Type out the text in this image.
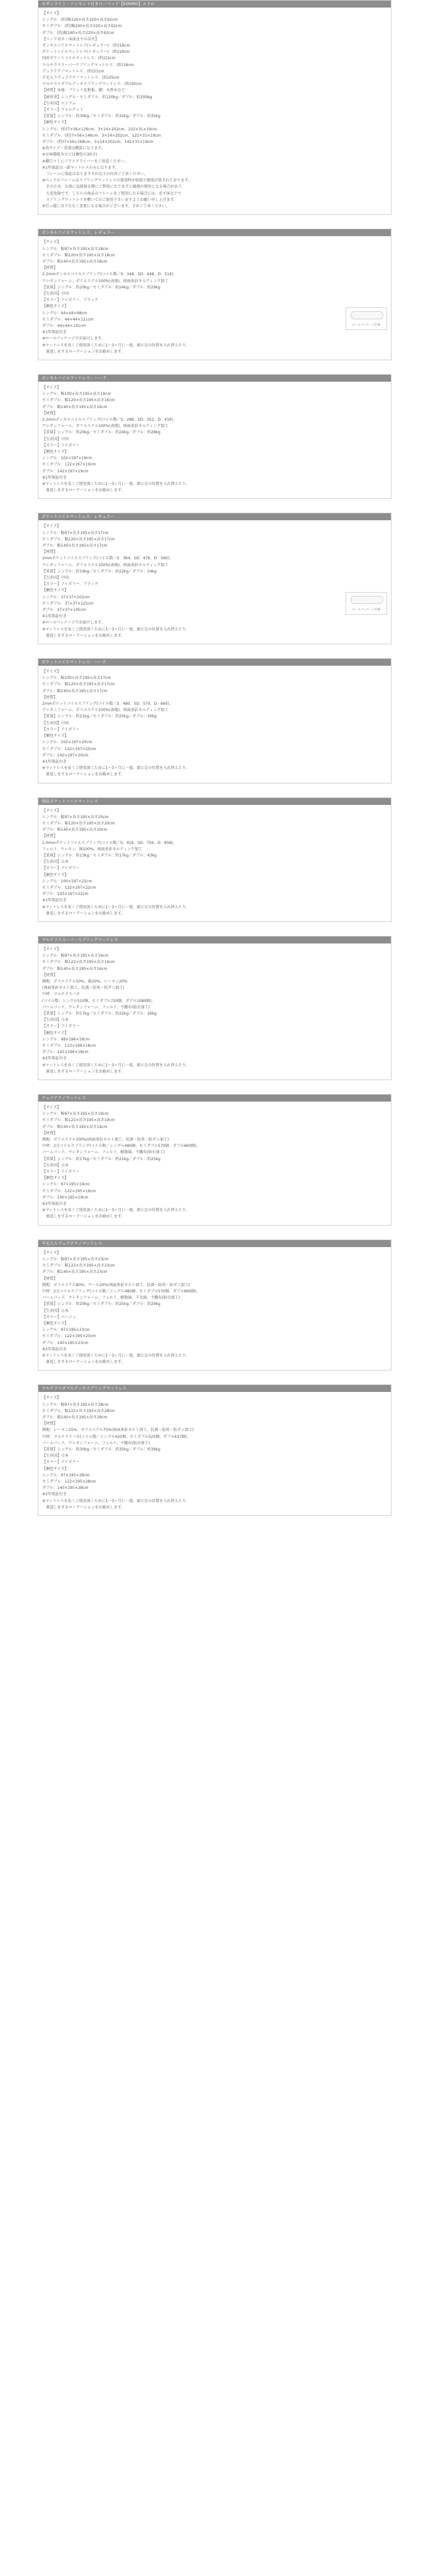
モダンライト・コンセント付きローベッド【EDDRO】エドロ
【サイズ】
シングル：(約)幅120×長さ220×高さ62cm
セミダブル：(約)幅140×長さ220×高さ62cm
ダブル：(約)幅160×長さ220×高さ62cm
【ベッド高さ・床面までの高さ】
ボンネルコイルマットレス(レギュラー)：(約)18cm
ポケットコイルマットレス(レギュラー)：(約)19cm
国産ポケットコイルマットレス：(約)22cm
マルチラススーパースプリングマットレス：(約)18cm
デュラテクノマットレス：(約)21cm
羊毛入りデュラテクノマットレス：(約)25cm
マルチラスダブルデッキスプリングマットレス：(約)30cm
【材質】本体：プリント化粧板、脚：天然木など
【耐荷重】シングル・セミダブル：約120kg／ダブル：約200kg
【生産国】ベトナム
【カラー】ウォルナット
【重量】シングル：約30kg／セミダブル：約32kg／ダブル：約35kg
【梱包サイズ】
シングル：(約)7×56×126cm、3×14×202cm、102×31×19cm
セミダブル：(約)7×56×146cm、3×14×202cm、122×31×19cm
ダブル：(約)7×56×168cm、3×14×202cm、142×31×19cm
※各サイズ・重量は概算になります。
※お客様組み立て(1梱包の30分)
※棚口コミにプラスドライバーをご用意ください。
※1年保証は一部マットレスのみとなります。
　フレームに保証はありますそれ以下の内容ご了承ください。
※ベッドのフレームはスプリングマットレスの使用時が前提で強度計算されております。
　そのため、お体に直接寝る際にご利用になりますと破損の原因となる場合があり、
　大変危険です。こちらの商品のフレームをご使用になる場合には、必ず床などで
　スプリングマットレスを敷いてのご使用下さいますようお願い申し上げます。
※引っ越しは予告なく変更になる場合がございます。予めご了承ください。
ボンネルコイルマットレス：レギュラー
【サイズ】
シングル：幅97×長さ195×高さ18cm
セミダブル：幅120×長さ195×高さ18cm
ダブル：幅140×長さ195×高さ18cm
【材質】
2.2mmボンネルコイルスプリング(コイル数／S：348、SD：448、D：514)、
ウレタンフォーム、ポリエステル100%(表地)、両面多針キルティング加工
【重量】シングル：約20kg／セミダブル：約24kg／ダブル：約29kg
【生産国】中国
【カラー】アイボリー、ブラック
【梱包サイズ】
シングル：44×44×98cm
セミダブル：44×44×121cm
ダブル：44×44×141cm
※1年保証付き
※ロールパッケージでお届けします。
※マットレスを長くご使用頂くために1〜3ヶ月に一度、頭と足の位置を入れ替えたり、
　裏返しをするローテーションをお勧めします。
ロールパッケージ仕様
ボンネルコイルマットレス：ハード
【サイズ】
シングル：幅100×長さ195×高さ16cm
セミダブル：幅120×長さ195×高さ16cm
ダブル：幅140×長さ195×高さ16cm
【材質】
2.2mmボンネルコイルスプリング(コイル数／S：288、SD：352、D：416)、
ウレタンフォーム、ポリエステル100%(表地)、両面多針キルティング加工
【重量】シングル：約20kg／セミダブル：約24kg／ダブル：約28kg
【生産国】中国
【カラー】アイボリー
【梱包サイズ】
シングル：102×197×19cm
セミダブル：122×197×19cm
ダブル：142×197×19cm
※1年保証付き
※マットレスを長くご使用頂くために1〜3ヶ月に一度、頭と足の位置を入れ替えたり、
　裏返しをするローテーションをお勧めします。
ポケットコイルマットレス：レギュラー
【サイズ】
シングル：幅97×長さ195×高さ17cm
セミダブル：幅120×長さ195×高さ17cm
ダブル：幅140×長さ195×高さ17cm
【材質】
2mmポケットコイルスプリング(コイル数／S：364、SD：476、D：560)、
ウレタンフォーム、ポリエステル100%(表地)、両面多針キルティング加工
【重量】シングル：約19kg／セミダブル：約22kg／ダブル：24kg
【生産国】中国
【カラー】アイボリー、ブラック
【梱包サイズ】
シングル：37×37×102cm
セミダブル：37×37×125cm
ダブル：37×37×145cm
※1年保証付き
※ロールパッケージでお届けします。
※マットレスを長くご使用頂くために1〜3ヶ月に一度、頭と足の位置を入れ替えたり、
　裏返しをするローテーションをお勧めします。
ロールパッケージ仕様
ポケットコイルマットレス：ハード
【サイズ】
シングル：幅100×長さ195×高さ17cm
セミダブル：幅120×長さ195×高さ17cm
ダブル：幅140×長さ195×高さ17cm
【材質】
2mmポケットコイルスプリング(コイル数／S：480、SD：570、D：660)、
ウレタンフォーム、ポリエステル100%(表地)、両面多針キルティング加工
【重量】シングル：約21kg／セミダブル：約25kg／ダブル：30kg
【生産国】中国
【カラー】アイボリー
【梱包サイズ】
シングル：102×197×20cm
セミダブル：122×197×20cm
ダブル：142×197×20cm
※1年保証付き
※マットレスを長くご使用頂くために1〜3ヶ月に一度、頭と足の位置を入れ替えたり、
　裏返しをするローテーションをお勧めします。
国産ポケットコイルマットレス
【サイズ】
シングル：幅97×長さ195×高さ20cm
セミダブル：幅120×長さ195×高さ20cm
ダブル：幅140×長さ195×高さ20cm
【材質】
2.0mmポケットコイルスプリング(コイル数／S：416、SD：756、D：858)、
フェルト、ウレタン、綿100%、両面多針キルティング加工
【重量】シングル：約13kg／セミダブル：約17kg／ダブル：43kg
【生産国】日本
【カラー】アイボリー
【梱包サイズ】
シングル：100×197×22cm
セミダブル：122×197×22cm
ダブル：143×197×22cm
※1年保証付き
※マットレスを長くご使用頂くために1〜3ヶ月に一度、頭と足の位置を入れ替えたり、
　裏返しをするローテーションをお勧めします。
マルチラススーパースプリングマットレス
【サイズ】
シングル：幅97×長さ195×高さ16cm
セミダブル：幅122×長さ195×高さ16cm
ダブル：幅140×長さ195×高さ16cm
【材質】
側地：ポリエステル50%、綿20%、レーヨン20%
(両面多針キルト加工、抗菌・防臭・防ダニ加工)
中材：マルチラスバネ
(コイル数：シングル510個、セミダブル720個、ダブル1080個)、
パームパッド、ウレタンフォーム、フェルト、不織布(防虫加工)
【重量】シングル：約17kg／セミダブル：約22kg／ダブル：26kg
【生産国】日本
【カラー】アイボリー
【梱包サイズ】
シングル：98×196×18cm
セミダブル：123×196×18cm
ダブル：141×196×18cm
※2年保証付き
※マットレスを長くご使用頂くために1〜3ヶ月に一度、頭と足の位置を入れ替えたり、
　裏返しをするローテーションをお勧めします。
デュラテクノマットレス
【サイズ】
シングル：幅97×長さ195×高さ19cm
セミダブル：幅122×長さ195×高さ19cm
ダブル：幅140×長さ195×高さ19cm
【材質】
側地：ポリエステル100%(両面多針キルト加工、抗菌・防臭・防ダニ加工)
中材：2方コイルスプリング(コイル数／シングル480個、セミダブル570個、ダブル660個)、
パームパッド、ウレタンフォーム、フェルト、樹脂綿、不織布(防虫加工)
【重量】シングル：約17kg／セミダブル：約21kg／ダブル：約25kg
【生産国】日本
【カラー】アイボリー
【梱包サイズ】
シングル：97×195×19cm
セミダブル：122×195×19cm
ダブル：140×195×19cm
※2年保証付き
※マットレスを長くご使用頂くために1〜3ヶ月に一度、頭と足の位置を入れ替えたり、
　裏返しをするローテーションをお勧めします。
羊毛入りデュラテクノマットレス
【サイズ】
シングル：幅97×長さ195×高さ23cm
セミダブル：幅122×長さ195×高さ23cm
ダブル：幅140×長さ195×高さ23cm
【材質】
側地：ポリエステル80%、ウール20%(両面多針キルト加工、抗菌・防臭・防ダニ加工)
中材：2方コイルスプリング(コイル数／シングル480個、セミダブル570個、ダブル660個)、
パームパッド、ウレタンフォーム、フェルト、樹脂綿、羊毛綿、不織布(防虫加工)
【重量】シングル：約20kg／セミダブル：約25kg／ダブル：約29kg
【生産国】日本
【カラー】ベージュ
【梱包サイズ】
シングル：97×195×23cm
セミダブル：122×195×23cm
ダブル：140×195×23cm
※2年保証付き
※マットレスを長くご使用頂くために1〜3ヶ月に一度、頭と足の位置を入れ替えたり、
　裏返しをするローテーションをお勧めします。
マルチラスダブルデッキスプリングマットレス
【サイズ】
シングル：幅97×長さ195×高さ28cm
セミダブル：幅122×長さ195×高さ28cm
ダブル：幅140×長さ195×高さ28cm
【材質】
側地：レーヨン25%、ポリエステル75%(両面多針キルト加工、抗菌・防臭・防ダニ加工)
中材：マルチラスバネ(コイル数／シングル420個、セミダブル525個、ダブル637個)、
パームパッド、ウレタンフォーム、フェルト、不織布(防虫加工)
【重量】シングル：約30kg／セミダブル：約35kg／ダブル：約39kg
【生産国】日本
【カラー】アイボリー
【梱包サイズ】
シングル：97×195×28cm
セミダブル：122×195×28cm
ダブル：140×195×28cm
※2年保証付き
※マットレスを長くご使用頂くために1〜3ヶ月に一度、頭と足の位置を入れ替えたり、
　裏返しをするローテーションをお勧めします。
